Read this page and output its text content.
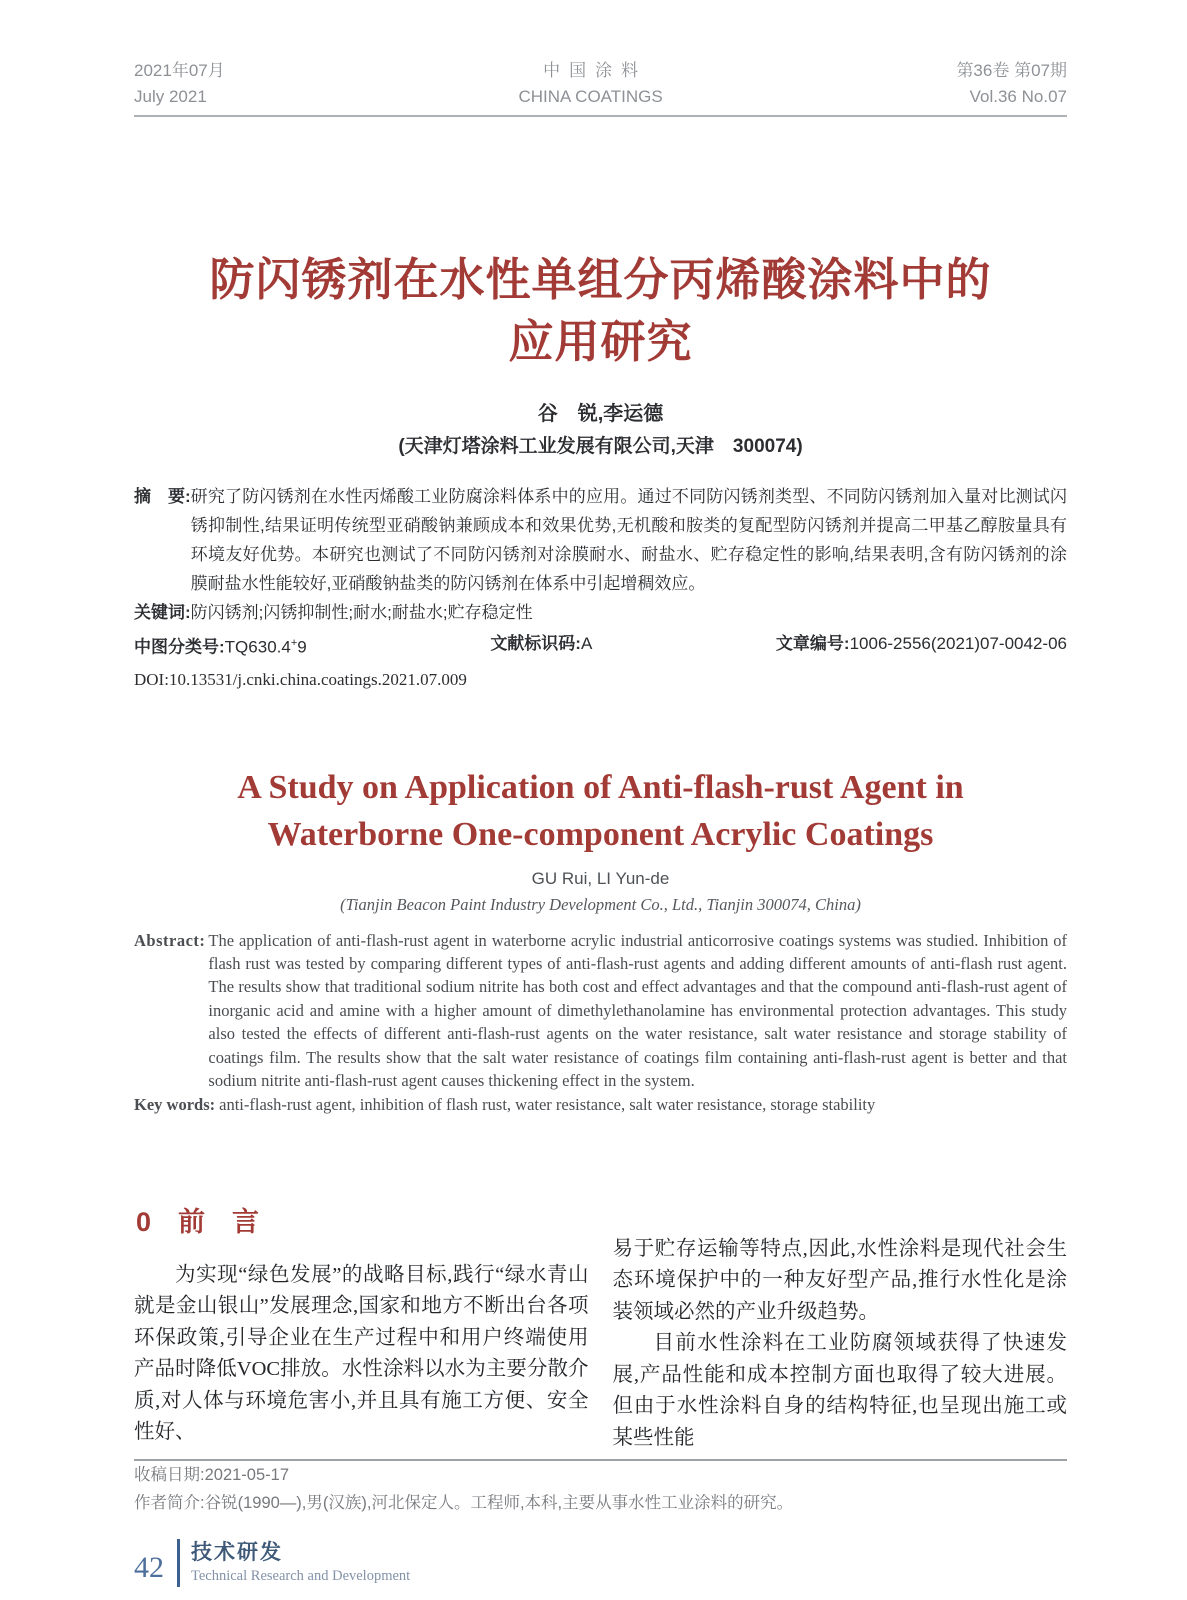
2021年07月
July 2021
中国涂料
CHINA COATINGS
第36卷 第07期
Vol.36 No.07
防闪锈剂在水性单组分丙烯酸涂料中的
应用研究
谷　锐,李运德
(天津灯塔涂料工业发展有限公司,天津　300074)
摘　要: 研究了防闪锈剂在水性丙烯酸工业防腐涂料体系中的应用。通过不同防闪锈剂类型、不同防闪锈剂加入量对比测试闪锈抑制性,结果证明传统型亚硝酸钠兼顾成本和效果优势,无机酸和胺类的复配型防闪锈剂并提高二甲基乙醇胺量具有环境友好优势。本研究也测试了不同防闪锈剂对涂膜耐水、耐盐水、贮存稳定性的影响,结果表明,含有防闪锈剂的涂膜耐盐水性能较好,亚硝酸钠盐类的防闪锈剂在体系中引起增稠效应。
关键词: 防闪锈剂;闪锈抑制性;耐水;耐盐水;贮存稳定性
中图分类号:TQ630.4+9	文献标识码:A	文章编号:1006-2556(2021)07-0042-06
DOI:10.13531/j.cnki.china.coatings.2021.07.009
A Study on Application of Anti-flash-rust Agent in
Waterborne One-component Acrylic Coatings
GU Rui, LI Yun-de
(Tianjin Beacon Paint Industry Development Co., Ltd., Tianjin 300074, China)
Abstract: The application of anti-flash-rust agent in waterborne acrylic industrial anticorrosive coatings systems was studied. Inhibition of flash rust was tested by comparing different types of anti-flash-rust agents and adding different amounts of anti-flash rust agent. The results show that traditional sodium nitrite has both cost and effect advantages and that the compound anti-flash-rust agent of inorganic acid and amine with a higher amount of dimethylethanolamine has environmental protection advantages. This study also tested the effects of different anti-flash-rust agents on the water resistance, salt water resistance and storage stability of coatings film. The results show that the salt water resistance of coatings film containing anti-flash-rust agent is better and that sodium nitrite anti-flash-rust agent causes thickening effect in the system.
Key words: anti-flash-rust agent, inhibition of flash rust, water resistance, salt water resistance, storage stability
0　前　言

为实现“绿色发展”的战略目标,践行“绿水青山就是金山银山”发展理念,国家和地方不断出台各项环保政策,引导企业在生产过程中和用户终端使用产品时降低VOC排放。水性涂料以水为主要分散介质,对人体与环境危害小,并且具有施工方便、安全性好、

易于贮存运输等特点,因此,水性涂料是现代社会生态环境保护中的一种友好型产品,推行水性化是涂装领域必然的产业升级趋势。

目前水性涂料在工业防腐领域获得了快速发展,产品性能和成本控制方面也取得了较大进展。但由于水性涂料自身的结构特征,也呈现出施工或某些性能

收稿日期:2021-05-17
作者简介:谷锐(1990—),男(汉族),河北保定人。工程师,本科,主要从事水性工业涂料的研究。
42 技术研发
Technical Research and Development
